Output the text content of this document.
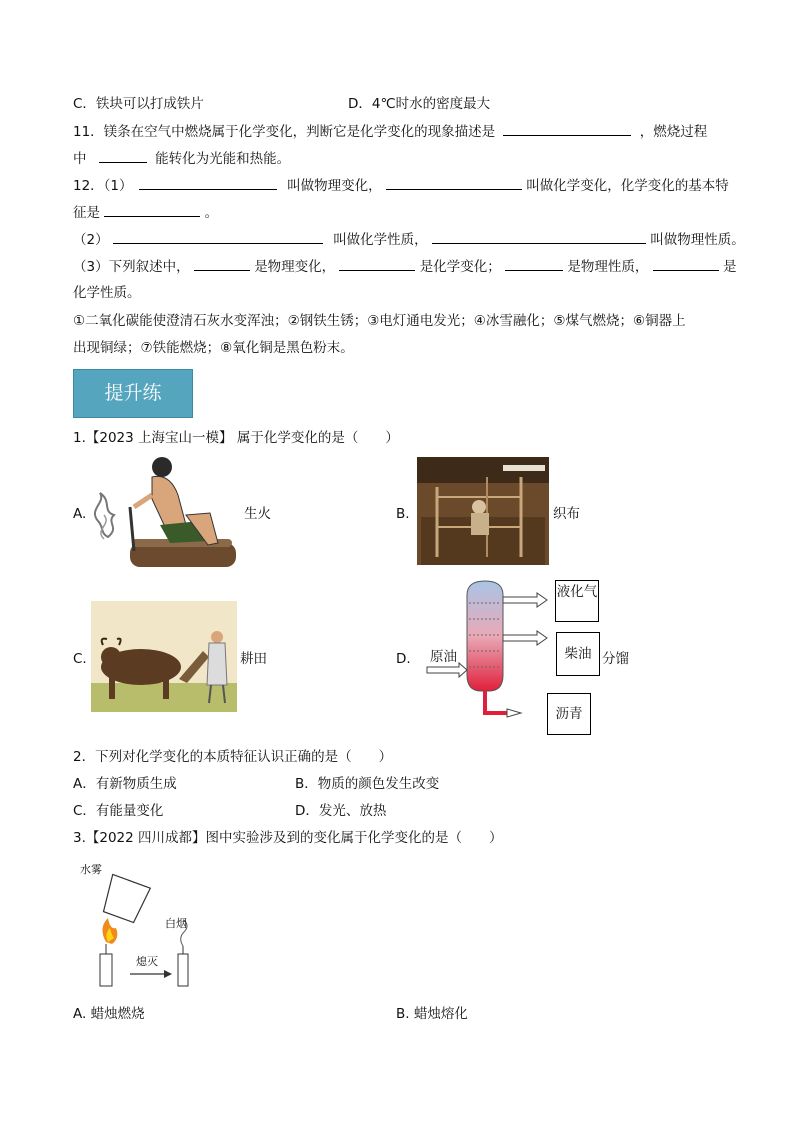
C．铁块可以打成铁片	D．4℃时水的密度最大
11．镁条在空气中燃烧属于化学变化，判断它是化学变化的现象描述是	，燃烧过程
中	能转化为光能和热能。
12．（1）	叫做物理变化，	叫做化学变化，化学变化的基本特
征是	。
（2）	叫做化学性质，	叫做物理性质。
（3）下列叙述中，	是物理变化，	是化学变化；	是物理性质，	是
化学性质。
①二氧化碳能使澄清石灰水变浑浊；②钢铁生锈；③电灯通电发光；④冰雪融化；⑤煤气燃烧；⑥铜器上
出现铜绿；⑦铁能燃烧；⑧氧化铜是黑色粉末。
提升练
1.【2023 上海宝山一模】 属于化学变化的是（　　）
A.	生火	B.	织布
C.	耕田	D. 原油
液化气
柴油 分馏
沥青
2．下列对化学变化的本质特征认识正确的是（　　）
A．有新物质生成	B．物质的颜色发生改变
C．有能量变化	D．发光、放热
3.【2022 四川成都】图中实验涉及到的变化属于化学变化的是（　　）
水雾
白烟
熄灭
A. 蜡烛燃烧	B. 蜡烛熔化
